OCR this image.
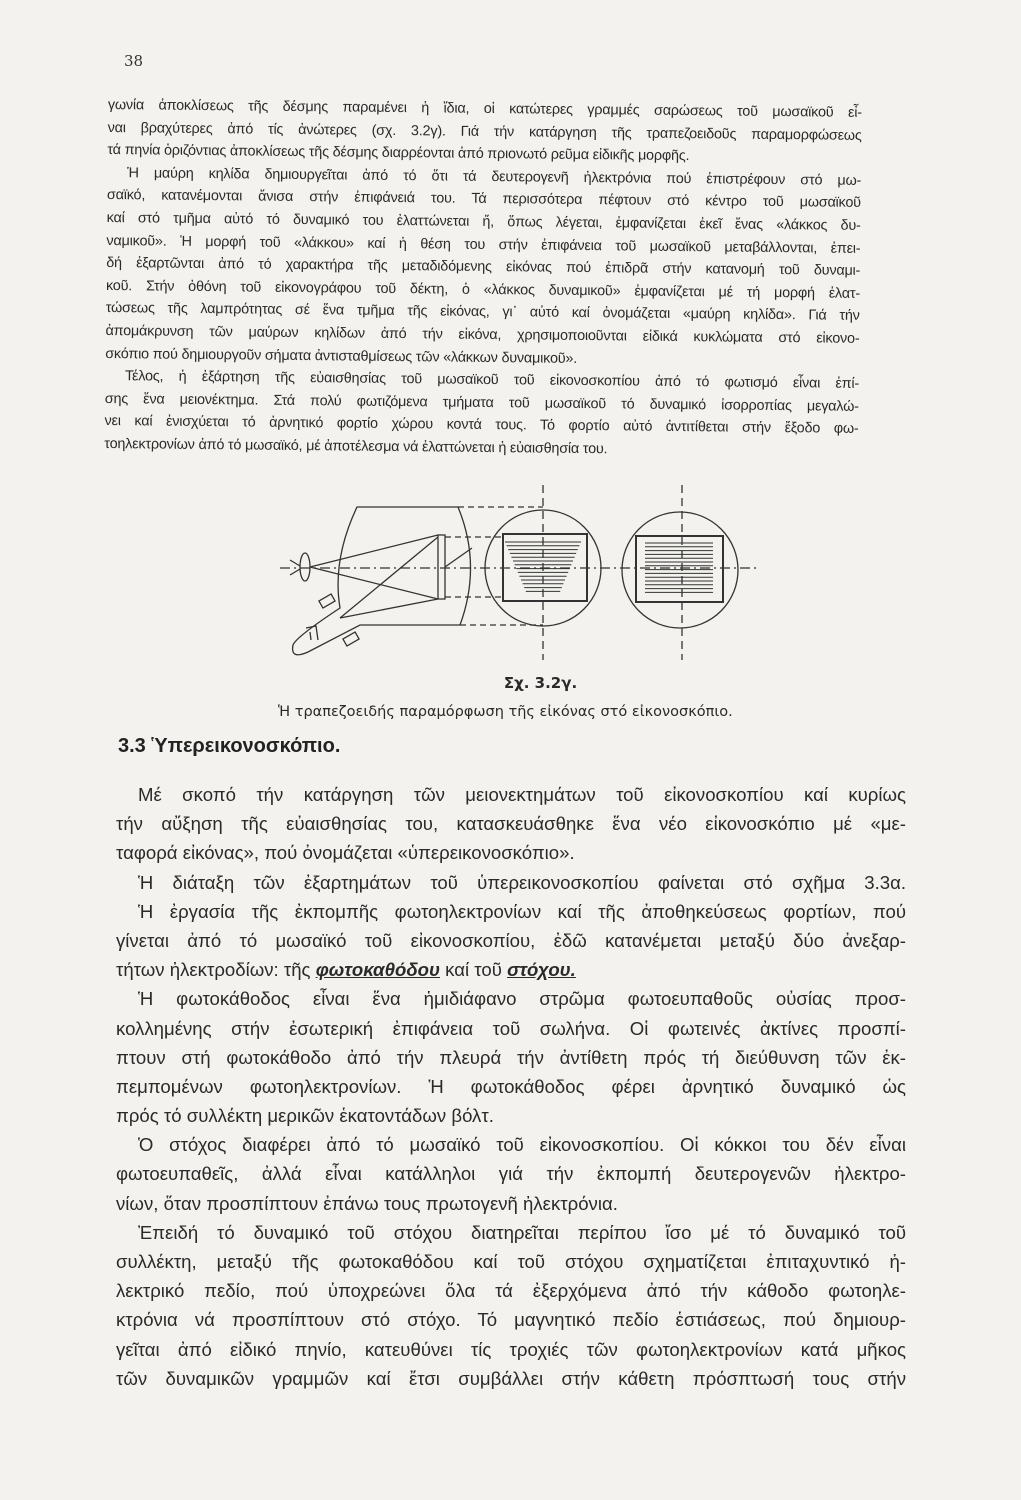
38
γωνία ἀποκλίσεως τῆς δέσμης παραμένει ἡ ἴδια, οἱ κατώτερες γραμμές σαρώσεως τοῦ μωσαϊκοῦ εἶ-
ναι βραχύτερες ἀπό τίς ἀνώτερες (σχ. 3.2γ). Γιά τήν κατάργηση τῆς τραπεζοειδοῦς παραμορφώσεως
τά πηνία ὁριζόντιας ἀποκλίσεως τῆς δέσμης διαρρέονται ἀπό πριονωτό ρεῦμα εἰδικῆς μορφῆς.
Ἡ μαύρη κηλίδα δημιουργεῖται ἀπό τό ὅτι τά δευτερογενῆ ἠλεκτρόνια πού ἐπιστρέφουν στό μω-
σαϊκό, κατανέμονται ἄνισα στήν ἐπιφάνειά του. Τά περισσότερα πέφτουν στό κέντρο τοῦ μωσαϊκοῦ
καί στό τμῆμα αὐτό τό δυναμικό του ἐλαττώνεται ἤ, ὅπως λέγεται, ἐμφανίζεται ἐκεῖ ἕνας «λάκκος δυ-
ναμικοῦ». Ἡ μορφή τοῦ «λάκκου» καί ἡ θέση του στήν ἐπιφάνεια τοῦ μωσαϊκοῦ μεταβάλλονται, ἐπει-
δή ἐξαρτῶνται ἀπό τό χαρακτήρα τῆς μεταδιδόμενης εἰκόνας πού ἐπιδρᾶ στήν κατανομή τοῦ δυναμι-
κοῦ. Στήν ὀθόνη τοῦ εἰκονογράφου τοῦ δέκτη, ὁ «λάκκος δυναμικοῦ» ἐμφανίζεται μέ τή μορφή ἐλατ-
τώσεως τῆς λαμπρότητας σέ ἕνα τμῆμα τῆς εἰκόνας, γι᾽ αὐτό καί ὀνομάζεται «μαύρη κηλίδα». Γιά τήν
ἀπομάκρυνση τῶν μαύρων κηλίδων ἀπό τήν εἰκόνα, χρησιμοποιοῦνται εἰδικά κυκλώματα στό εἰκονο-
σκόπιο πού δημιουργοῦν σήματα ἀντισταθμίσεως τῶν «λάκκων δυναμικοῦ».
Τέλος, ἡ ἐξάρτηση τῆς εὐαισθησίας τοῦ μωσαϊκοῦ τοῦ εἰκονοσκοπίου ἀπό τό φωτισμό εἶναι ἐπί-
σης ἕνα μειονέκτημα. Στά πολύ φωτιζόμενα τμήματα τοῦ μωσαϊκοῦ τό δυναμικό ἰσορροπίας μεγαλώ-
νει καί ἐνισχύεται τό ἀρνητικό φορτίο χώρου κοντά τους. Τό φορτίο αὐτό ἀντιτίθεται στήν ἔξοδο φω-
τοηλεκτρονίων ἀπό τό μωσαϊκό, μέ ἀποτέλεσμα νά ἐλαττώνεται ἡ εὐαισθησία του.
Σχ. 3.2γ.
Ἡ τραπεζοειδής παραμόρφωση τῆς εἰκόνας στό εἰκονοσκόπιο.
3.3 Ὑπερεικονοσκόπιο.
Μέ σκοπό τήν κατάργηση τῶν μειονεκτημάτων τοῦ εἰκονοσκοπίου καί κυρίως
τήν αὔξηση τῆς εὐαισθησίας του, κατασκευάσθηκε ἕνα νέο εἰκονοσκόπιο μέ «με-
ταφορά εἰκόνας», πού ὀνομάζεται «ὑπερεικονοσκόπιο».
Ἡ διάταξη τῶν ἐξαρτημάτων τοῦ ὑπερεικονοσκοπίου φαίνεται στό σχῆμα 3.3α.
Ἡ ἐργασία τῆς ἐκπομπῆς φωτοηλεκτρονίων καί τῆς ἀποθηκεύσεως φορτίων, πού
γίνεται ἀπό τό μωσαϊκό τοῦ εἰκονοσκοπίου, ἐδῶ κατανέμεται μεταξύ δύο ἀνεξαρ-
τήτων ἠλεκτροδίων: τῆς φωτοκαθόδου καί τοῦ στόχου.
Ἡ φωτοκάθοδος εἶναι ἕνα ἡμιδιάφανο στρῶμα φωτοευπαθοῦς οὐσίας προσ-
κολλημένης στήν ἐσωτερική ἐπιφάνεια τοῦ σωλήνα. Οἱ φωτεινές ἀκτίνες προσπί-
πτουν στή φωτοκάθοδο ἀπό τήν πλευρά τήν ἀντίθετη πρός τή διεύθυνση τῶν ἐκ-
πεμπομένων φωτοηλεκτρονίων. Ἡ φωτοκάθοδος φέρει ἀρνητικό δυναμικό ὡς
πρός τό συλλέκτη μερικῶν ἑκατοντάδων βόλτ.
Ὁ στόχος διαφέρει ἀπό τό μωσαϊκό τοῦ εἰκονοσκοπίου. Οἱ κόκκοι του δέν εἶναι
φωτοευπαθεῖς, ἀλλά εἶναι κατάλληλοι γιά τήν ἐκπομπή δευτερογενῶν ἠλεκτρο-
νίων, ὅταν προσπίπτουν ἐπάνω τους πρωτογενῆ ἠλεκτρόνια.
Ἐπειδή τό δυναμικό τοῦ στόχου διατηρεῖται περίπου ἴσο μέ τό δυναμικό τοῦ
συλλέκτη, μεταξύ τῆς φωτοκαθόδου καί τοῦ στόχου σχηματίζεται ἐπιταχυντικό ἠ-
λεκτρικό πεδίο, πού ὑποχρεώνει ὅλα τά ἐξερχόμενα ἀπό τήν κάθοδο φωτοηλε-
κτρόνια νά προσπίπτουν στό στόχο. Τό μαγνητικό πεδίο ἑστιάσεως, πού δημιουρ-
γεῖται ἀπό εἰδικό πηνίο, κατευθύνει τίς τροχιές τῶν φωτοηλεκτρονίων κατά μῆκος
τῶν δυναμικῶν γραμμῶν καί ἔτσι συμβάλλει στήν κάθετη πρόσπτωσή τους στήν
